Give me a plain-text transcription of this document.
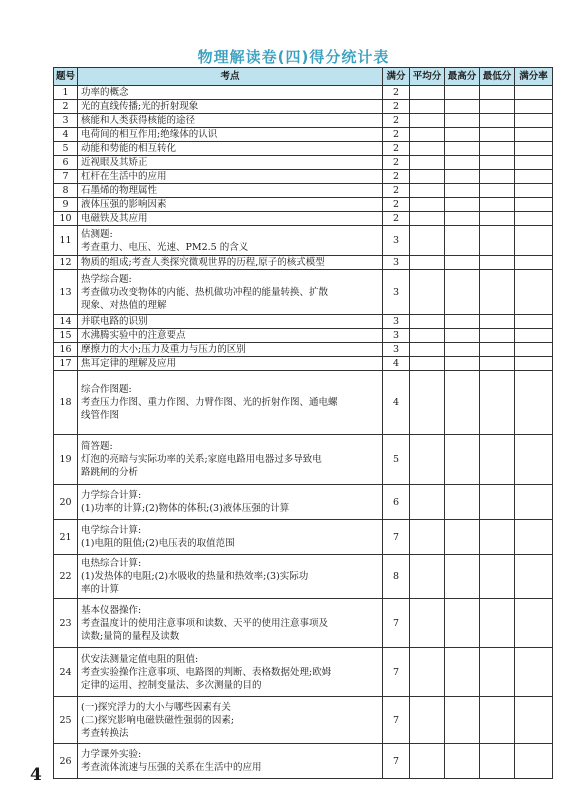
物理解读卷(四)得分统计表
题号	考点	满分	平均分	最高分	最低分	满分率
1	功率的概念	2				
2	光的直线传播;光的折射现象	2				
3	核能和人类获得核能的途径	2				
4	电荷间的相互作用;绝缘体的认识	2				
5	动能和势能的相互转化	2				
6	近视眼及其矫正	2				
7	杠杆在生活中的应用	2				
8	石墨烯的物理属性	2				
9	液体压强的影响因素	2				
10	电磁铁及其应用	2				
11	估测题:
考查重力、电压、光速、PM2.5 的含义	3				
12	物质的组成;考查人类探究微观世界的历程,原子的核式模型	3				
13	热学综合题:
考查做功改变物体的内能、热机做功冲程的能量转换、扩散
现象、对热值的理解	3				
14	并联电路的识别	3				
15	水沸腾实验中的注意要点	3				
16	摩擦力的大小;压力及重力与压力的区别	3				
17	焦耳定律的理解及应用	4				
18	综合作图题:
考查压力作图、重力作图、力臂作图、光的折射作图、通电螺
线管作图	4				
19	简答题:
灯泡的亮暗与实际功率的关系;家庭电路用电器过多导致电
路跳闸的分析	5				
20	力学综合计算:
(1)功率的计算;(2)物体的体积;(3)液体压强的计算	6				
21	电学综合计算:
(1)电阻的阻值;(2)电压表的取值范围	7				
22	电热综合计算:
(1)发热体的电阻;(2)水吸收的热量和热效率;(3)实际功
率的计算	8				
23	基本仪器操作:
考查温度计的使用注意事项和读数、天平的使用注意事项及
读数;量筒的量程及读数	7				
24	伏安法测量定值电阻的阻值:
考查实验操作注意事项、电路图的判断、表格数据处理;欧姆
定律的运用、控制变量法、多次测量的目的	7				
25	(一)探究浮力的大小与哪些因素有关
(二)探究影响电磁铁磁性强弱的因素;
考查转换法	7				
26	力学课外实验:
考查流体流速与压强的关系在生活中的应用	7				
4
